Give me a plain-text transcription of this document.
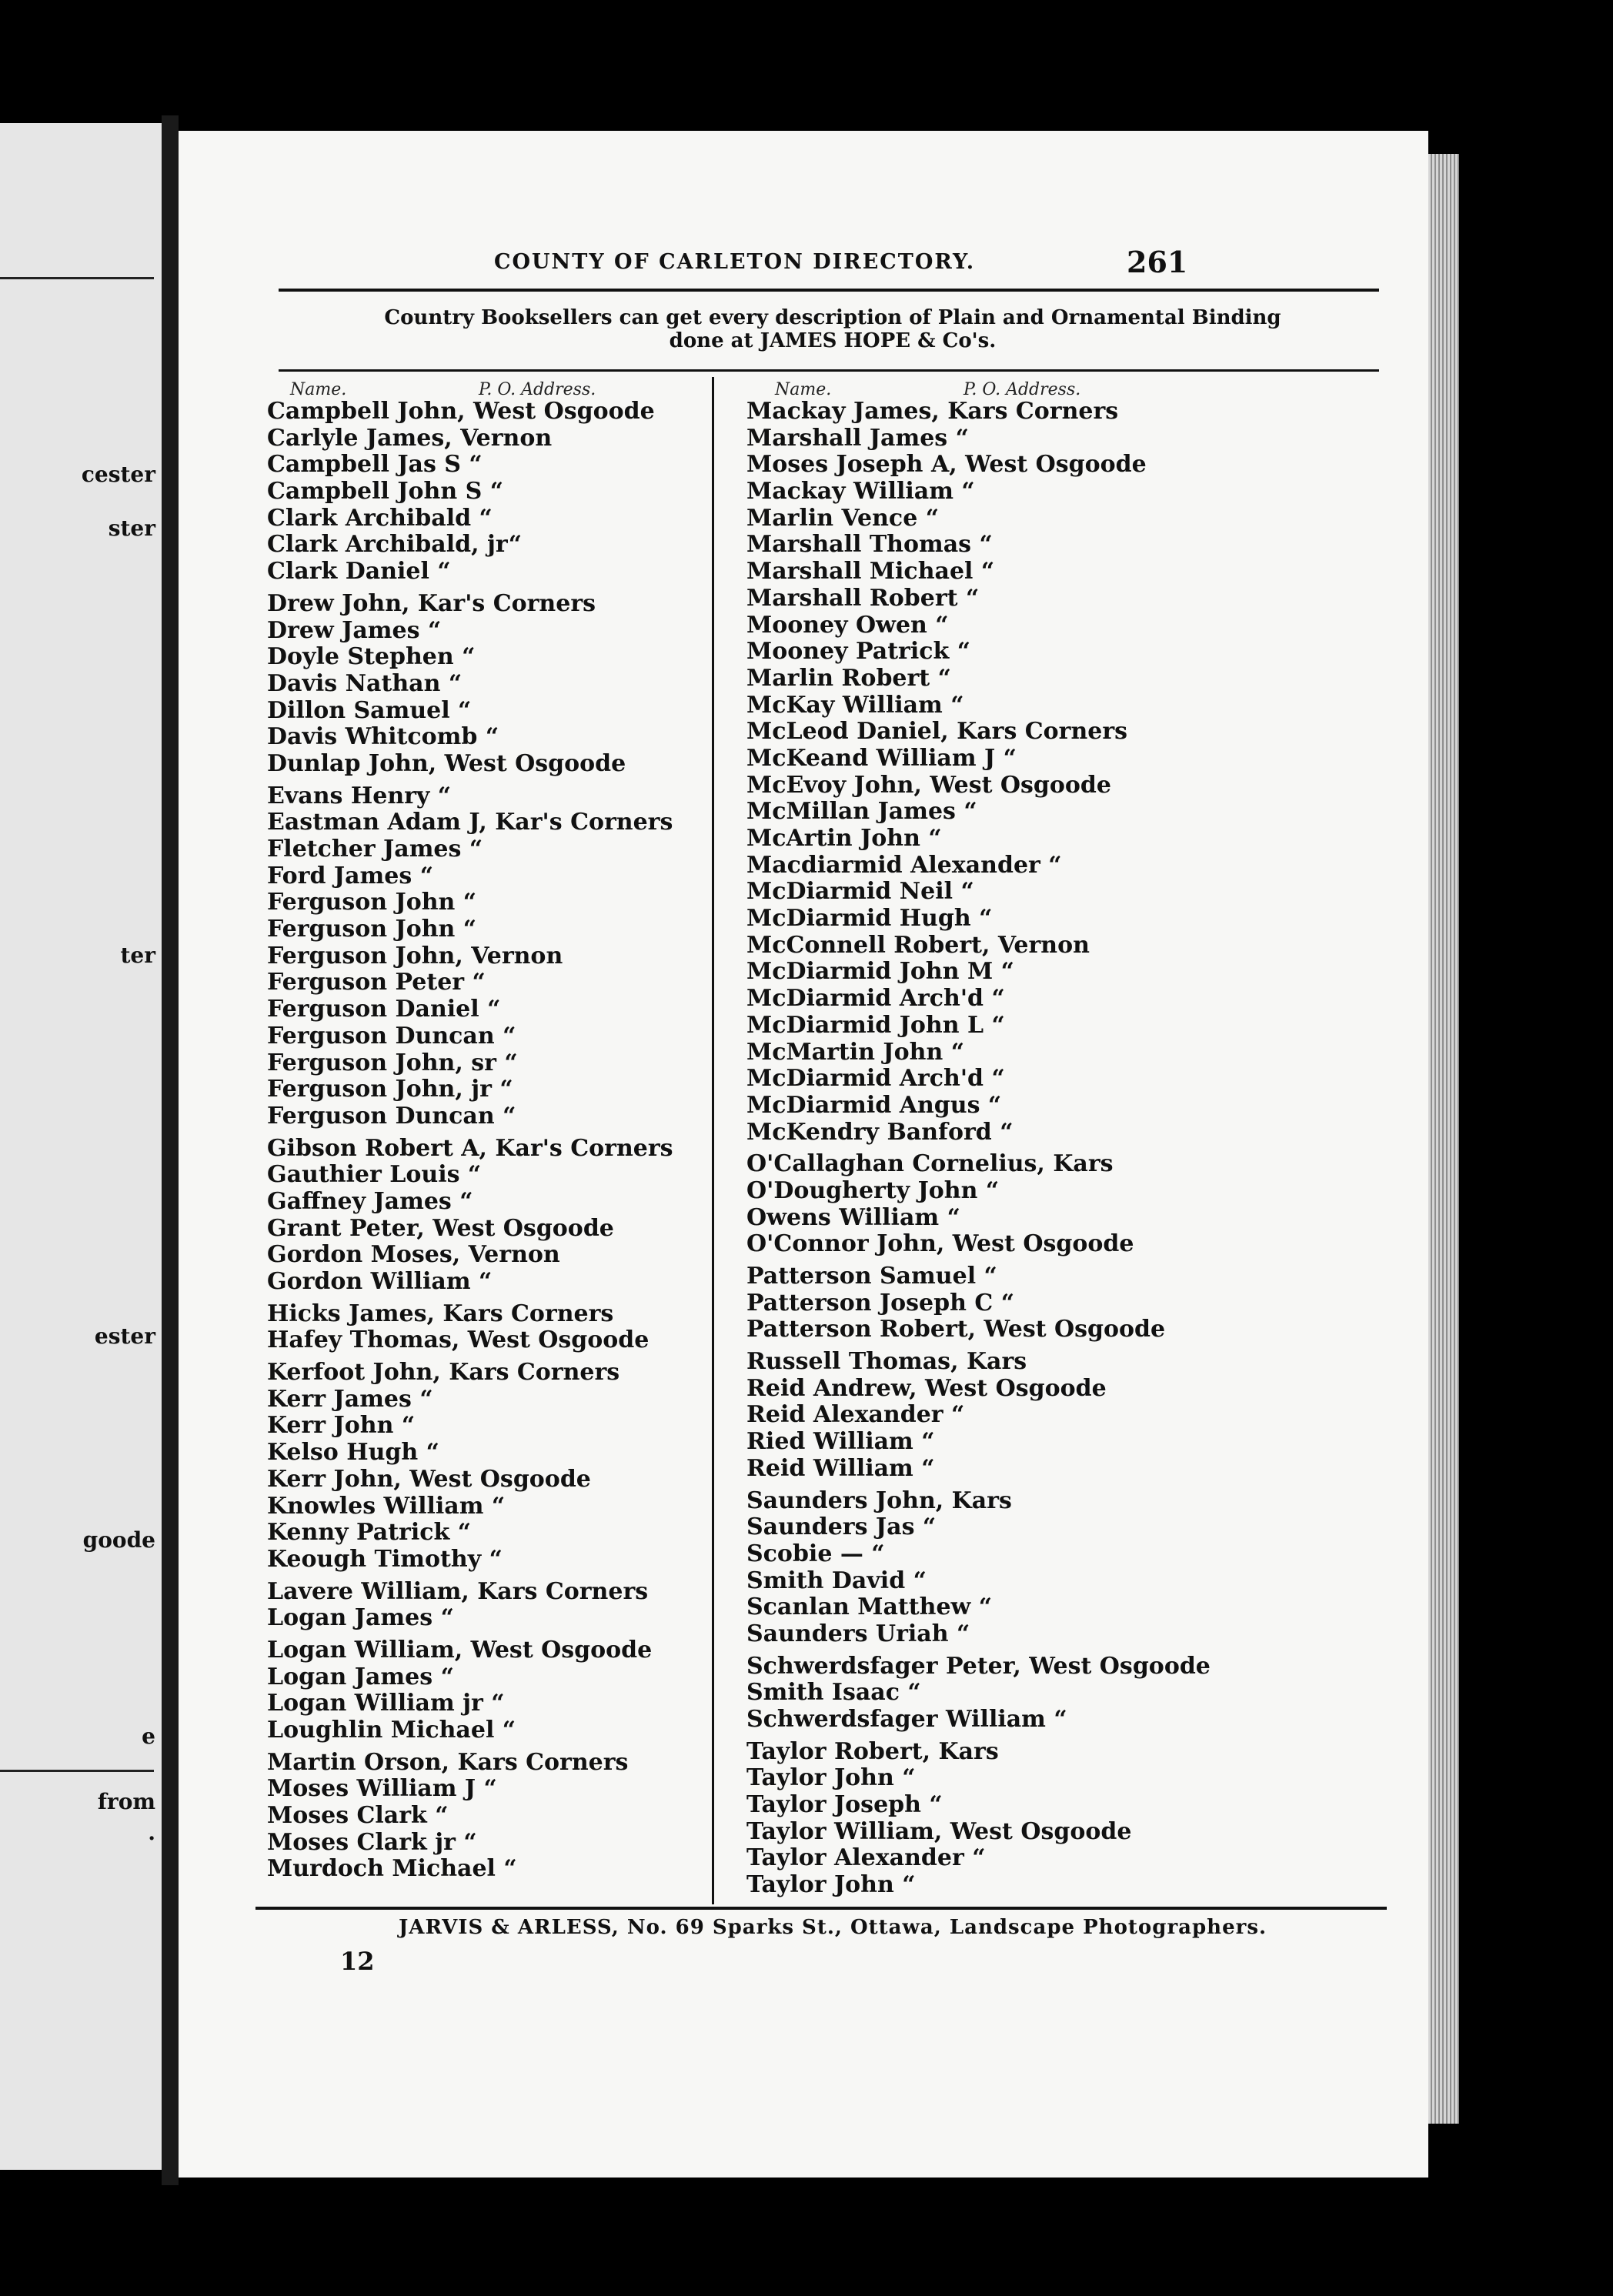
cester
ster
ter
ester
goode
e
from
.
COUNTY OF CARLETON DIRECTORY.	261
Country Booksellers can get every description of Plain and Ornamental Binding
done at JAMES HOPE & Co's.
Name.	P. O. Address.	Name.	P. O. Address.
Campbell John, West Osgoode
Carlyle James, Vernon
Campbell Jas S “
Campbell John S “
Clark Archibald “
Clark Archibald, jr“
Clark Daniel “
Drew John, Kar's Corners
Drew James “
Doyle Stephen “
Davis Nathan “
Dillon Samuel “
Davis Whitcomb “
Dunlap John, West Osgoode
Evans Henry “
Eastman Adam J, Kar's Corners
Fletcher James “
Ford James “
Ferguson John “
Ferguson John “
Ferguson John, Vernon
Ferguson Peter “
Ferguson Daniel “
Ferguson Duncan “
Ferguson John, sr “
Ferguson John, jr “
Ferguson Duncan “
Gibson Robert A, Kar's Corners
Gauthier Louis “
Gaffney James “
Grant Peter, West Osgoode
Gordon Moses, Vernon
Gordon William “
Hicks James, Kars Corners
Hafey Thomas, West Osgoode
Kerfoot John, Kars Corners
Kerr James “
Kerr John “
Kelso Hugh “
Kerr John, West Osgoode
Knowles William “
Kenny Patrick “
Keough Timothy “
Lavere William, Kars Corners
Logan James “
Logan William, West Osgoode
Logan James “
Logan William jr “
Loughlin Michael “
Martin Orson, Kars Corners
Moses William J “
Moses Clark “
Moses Clark jr “
Murdoch Michael “
Mackay James, Kars Corners
Marshall James “
Moses Joseph A, West Osgoode
Mackay William “
Marlin Vence “
Marshall Thomas “
Marshall Michael “
Marshall Robert “
Mooney Owen “
Mooney Patrick “
Marlin Robert “
McKay William “
McLeod Daniel, Kars Corners
McKeand William J “
McEvoy John, West Osgoode
McMillan James “
McArtin John “
Macdiarmid Alexander “
McDiarmid Neil “
McDiarmid Hugh “
McConnell Robert, Vernon
McDiarmid John M “
McDiarmid Arch'd “
McDiarmid John L “
McMartin John “
McDiarmid Arch'd “
McDiarmid Angus “
McKendry Banford “
O'Callaghan Cornelius, Kars
O'Dougherty John “
Owens William “
O'Connor John, West Osgoode
Patterson Samuel “
Patterson Joseph C “
Patterson Robert, West Osgoode
Russell Thomas, Kars
Reid Andrew, West Osgoode
Reid Alexander “
Ried William “
Reid William “
Saunders John, Kars
Saunders Jas “
Scobie — “
Smith David “
Scanlan Matthew “
Saunders Uriah “
Schwerdsfager Peter, West Osgoode
Smith Isaac “
Schwerdsfager William “
Taylor Robert, Kars
Taylor John “
Taylor Joseph “
Taylor William, West Osgoode
Taylor Alexander “
Taylor John “
JARVIS & ARLESS, No. 69 Sparks St., Ottawa, Landscape Photographers.
12
